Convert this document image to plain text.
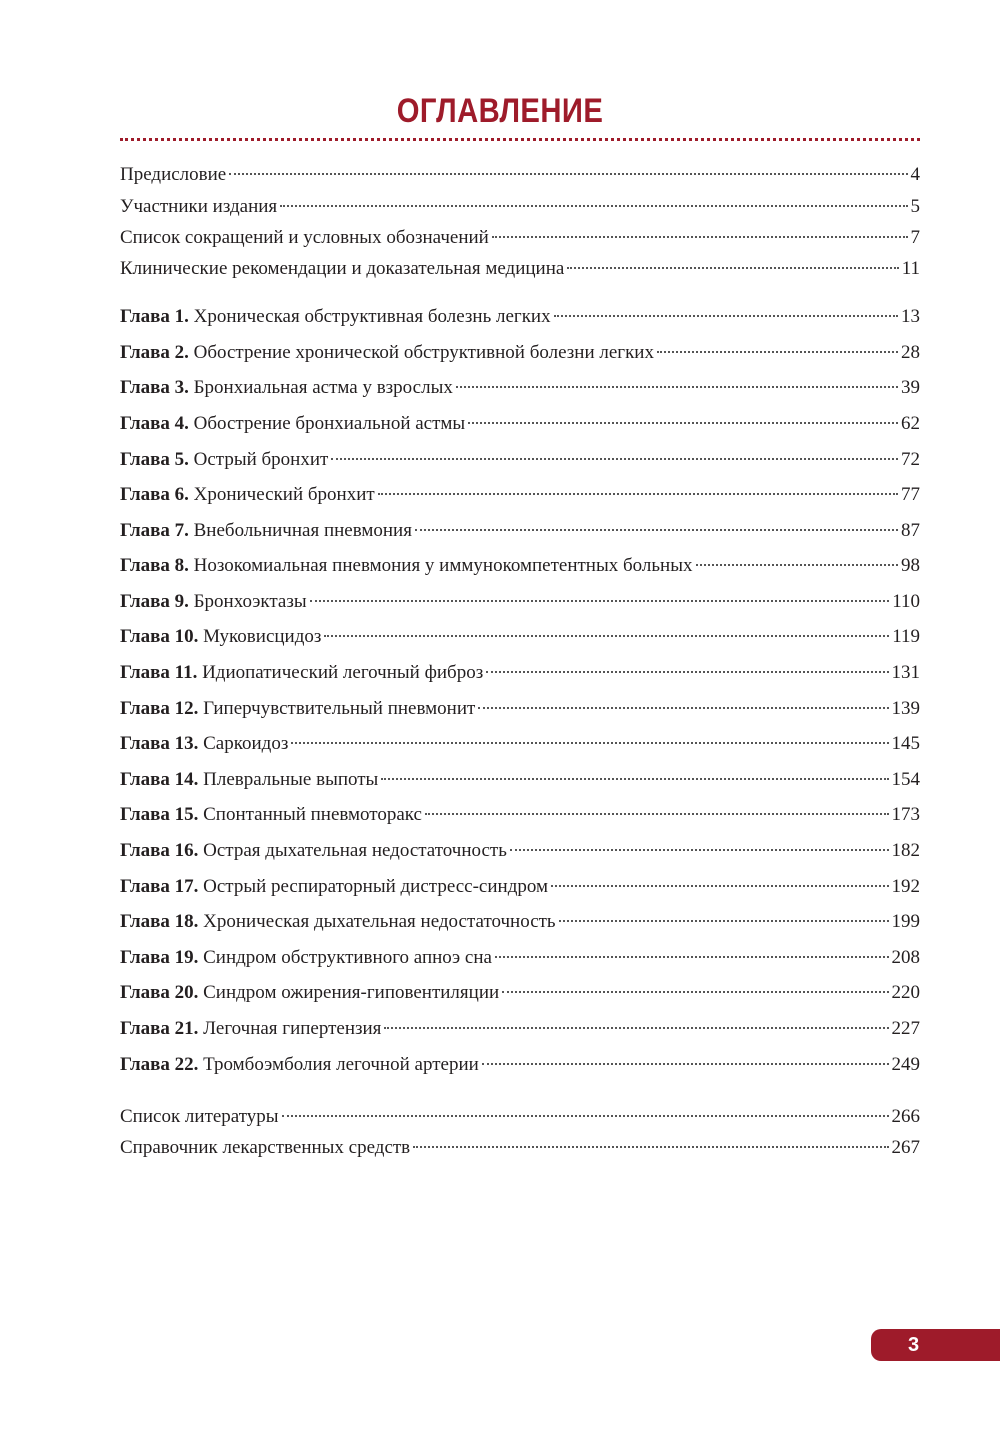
ОГЛАВЛЕНИЕ
Предисловие	4
Участники издания	5
Список сокращений и условных обозначений	7
Клинические рекомендации и доказательная медицина	11
Глава 1. Хроническая обструктивная болезнь легких	13
Глава 2. Обострение хронической обструктивной болезни легких	28
Глава 3. Бронхиальная астма у взрослых	39
Глава 4. Обострение бронхиальной астмы	62
Глава 5. Острый бронхит	72
Глава 6. Хронический бронхит	77
Глава 7. Внебольничная пневмония	87
Глава 8. Нозокомиальная пневмония у иммунокомпетентных больных	98
Глава 9. Бронхоэктазы	110
Глава 10. Муковисцидоз	119
Глава 11. Идиопатический легочный фиброз	131
Глава 12. Гиперчувствительный пневмонит	139
Глава 13. Саркоидоз	145
Глава 14. Плевральные выпоты	154
Глава 15. Спонтанный пневмоторакс	173
Глава 16. Острая дыхательная недостаточность	182
Глава 17. Острый респираторный дистресс-синдром	192
Глава 18. Хроническая дыхательная недостаточность	199
Глава 19. Синдром обструктивного апноэ сна	208
Глава 20. Синдром ожирения-гиповентиляции	220
Глава 21. Легочная гипертензия	227
Глава 22. Тромбоэмболия легочной артерии	249
Список литературы	266
Справочник лекарственных средств	267
3
